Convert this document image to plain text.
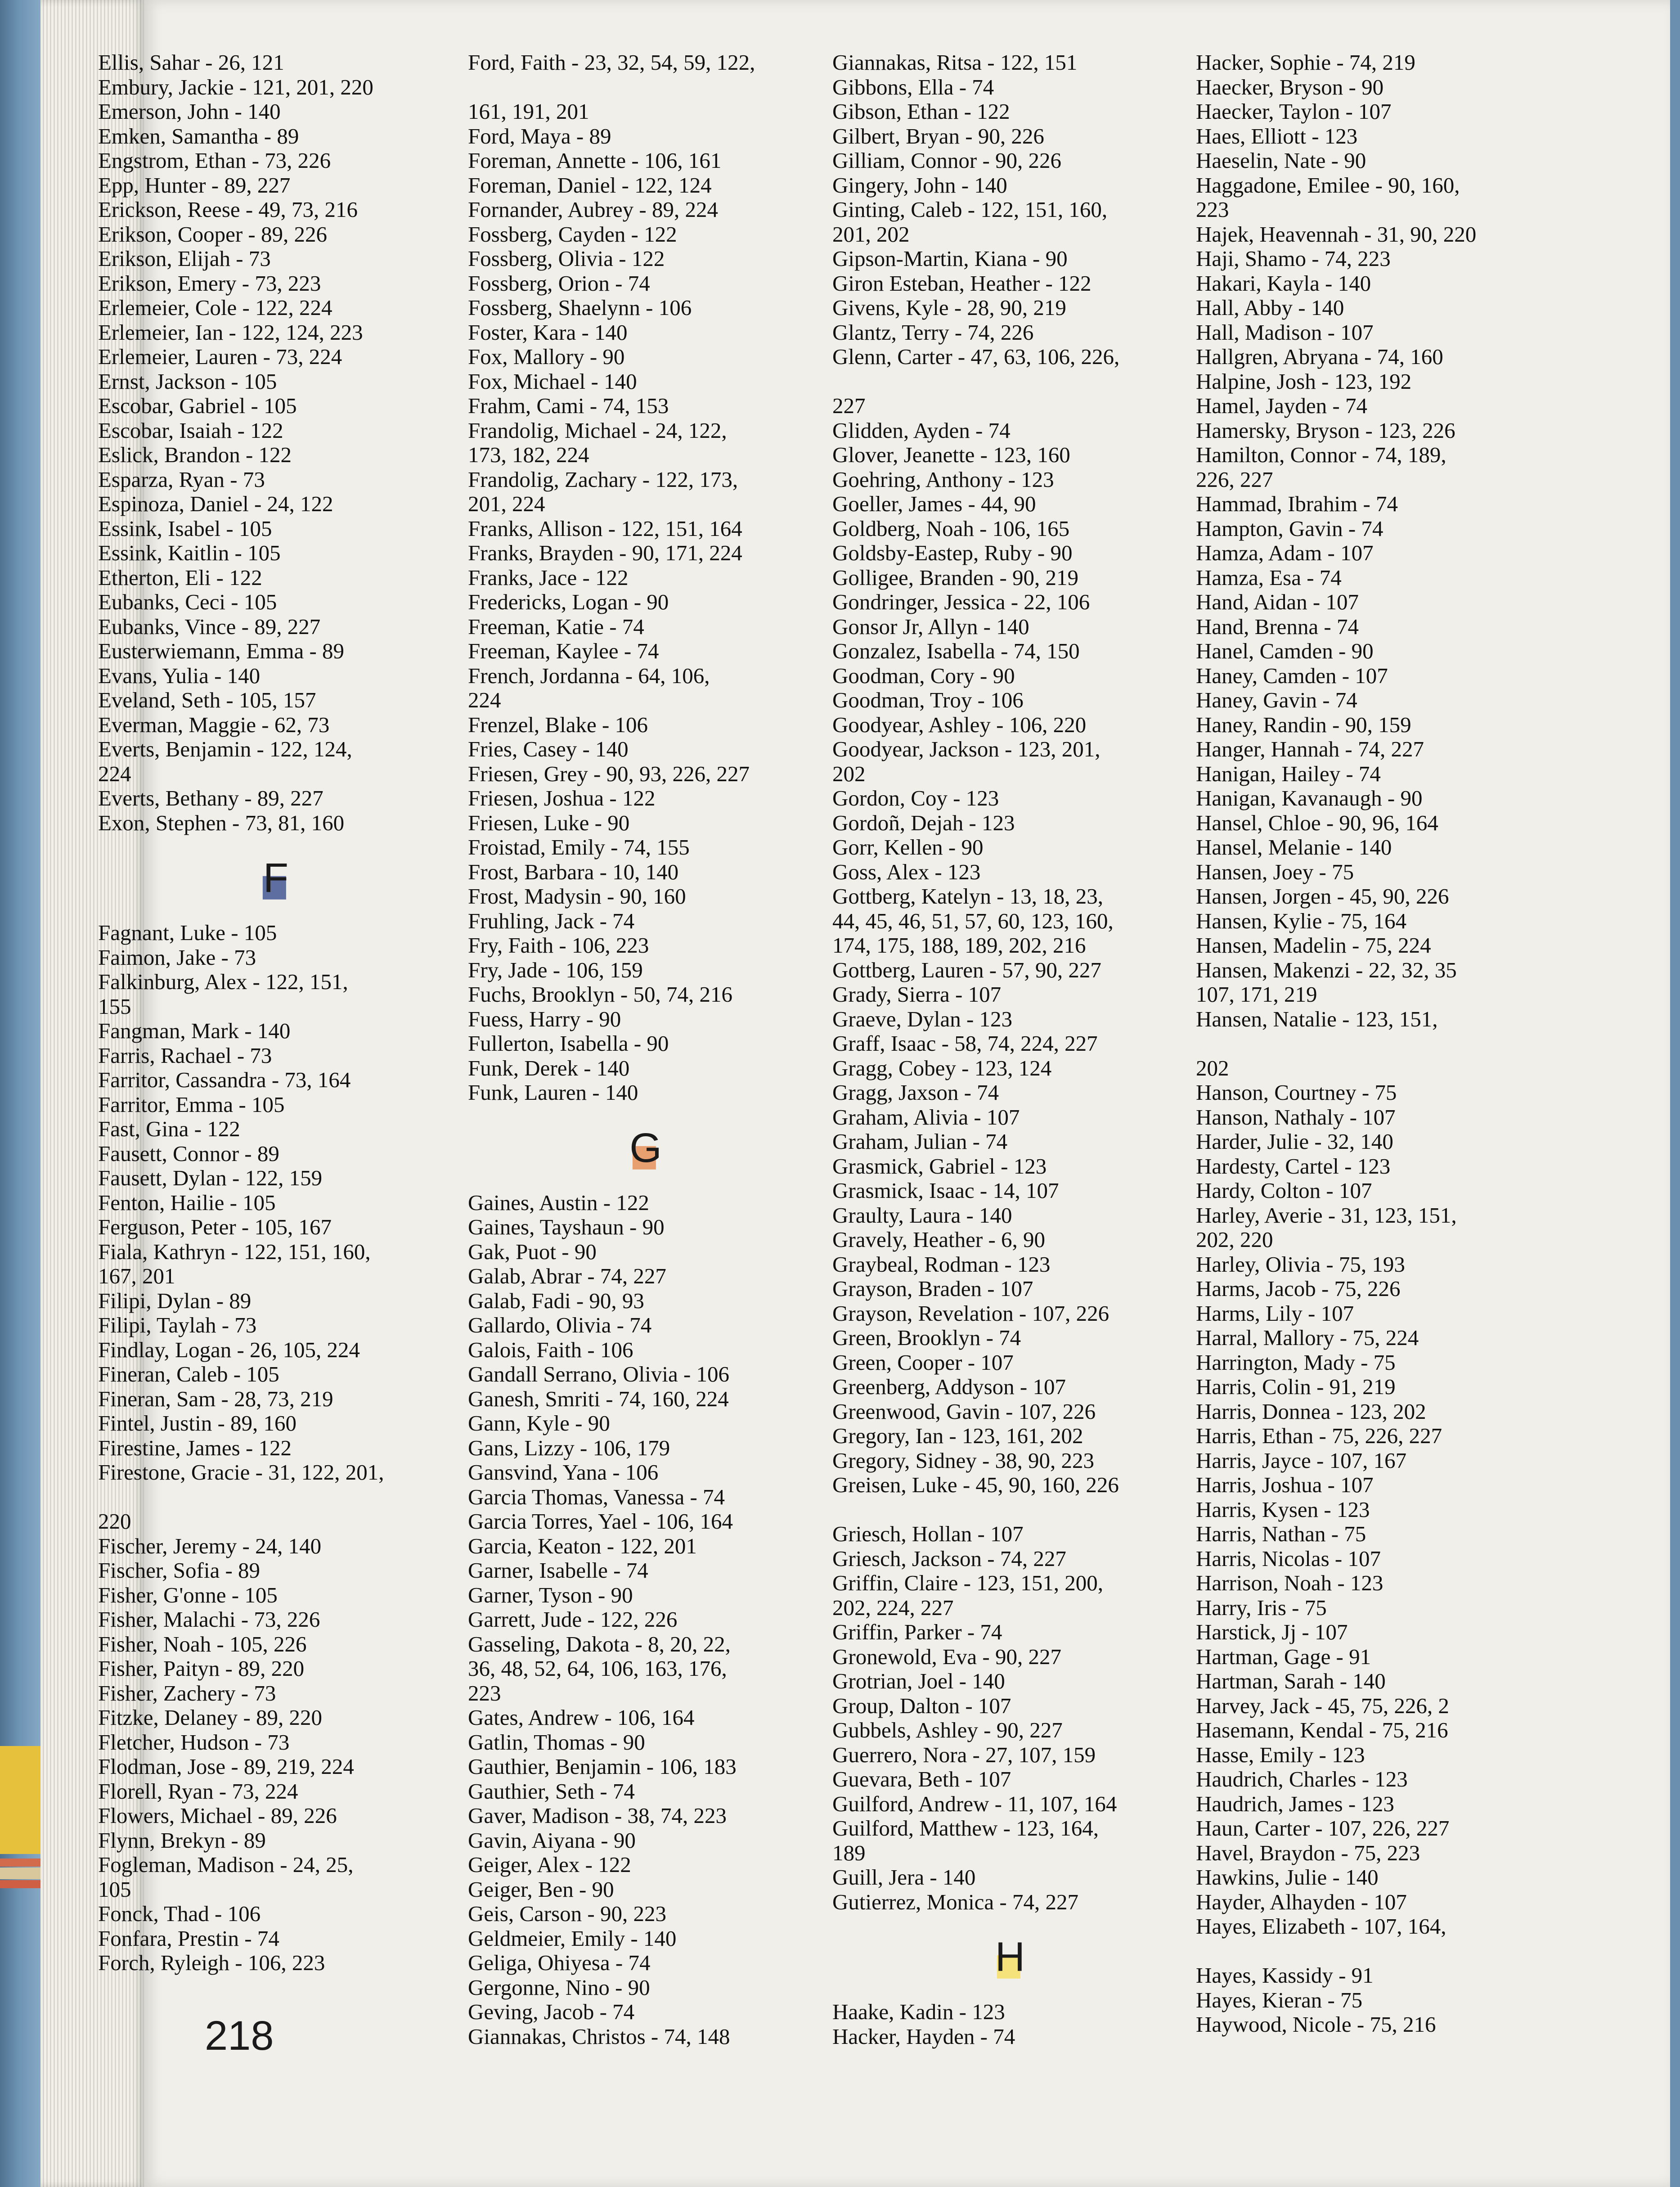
Ellis, Sahar - 26, 121
Embury, Jackie - 121, 201, 220
Emerson, John - 140
Emken, Samantha - 89
Engstrom, Ethan - 73, 226
Epp, Hunter - 89, 227
Erickson, Reese - 49, 73, 216
Erikson, Cooper - 89, 226
Erikson, Elijah - 73
Erikson, Emery - 73, 223
Erlemeier, Cole - 122, 224
Erlemeier, Ian - 122, 124, 223
Erlemeier, Lauren - 73, 224
Ernst, Jackson - 105
Escobar, Gabriel - 105
Escobar, Isaiah - 122
Eslick, Brandon - 122
Esparza, Ryan - 73
Espinoza, Daniel - 24, 122
Essink, Isabel - 105
Essink, Kaitlin - 105
Etherton, Eli - 122
Eubanks, Ceci - 105
Eubanks, Vince - 89, 227
Eusterwiemann, Emma - 89
Evans, Yulia - 140
Eveland, Seth - 105, 157
Everman, Maggie - 62, 73
Everts, Benjamin - 122, 124,
224
Everts, Bethany - 89, 227
Exon, Stephen - 73, 81, 160
F
Fagnant, Luke - 105
Faimon, Jake - 73
Falkinburg, Alex - 122, 151,
155
Fangman, Mark - 140
Farris, Rachael - 73
Farritor, Cassandra - 73, 164
Farritor, Emma - 105
Fast, Gina - 122
Fausett, Connor - 89
Fausett, Dylan - 122, 159
Fenton, Hailie - 105
Ferguson, Peter - 105, 167
Fiala, Kathryn - 122, 151, 160,
167, 201
Filipi, Dylan - 89
Filipi, Taylah - 73
Findlay, Logan - 26, 105, 224
Fineran, Caleb - 105
Fineran, Sam - 28, 73, 219
Fintel, Justin - 89, 160
Firestine, James - 122
Firestone, Gracie - 31, 122, 201,
220
Fischer, Jeremy - 24, 140
Fischer, Sofia - 89
Fisher, G'onne - 105
Fisher, Malachi - 73, 226
Fisher, Noah - 105, 226
Fisher, Paityn - 89, 220
Fisher, Zachery - 73
Fitzke, Delaney - 89, 220
Fletcher, Hudson - 73
Flodman, Jose - 89, 219, 224
Florell, Ryan - 73, 224
Flowers, Michael - 89, 226
Flynn, Brekyn - 89
Fogleman, Madison - 24, 25,
105
Fonck, Thad - 106
Fonfara, Prestin - 74
Forch, Ryleigh - 106, 223
Ford, Faith - 23, 32, 54, 59, 122,
161, 191, 201
Ford, Maya - 89
Foreman, Annette - 106, 161
Foreman, Daniel - 122, 124
Fornander, Aubrey - 89, 224
Fossberg, Cayden - 122
Fossberg, Olivia - 122
Fossberg, Orion - 74
Fossberg, Shaelynn - 106
Foster, Kara - 140
Fox, Mallory - 90
Fox, Michael - 140
Frahm, Cami - 74, 153
Frandolig, Michael - 24, 122,
173, 182, 224
Frandolig, Zachary - 122, 173,
201, 224
Franks, Allison - 122, 151, 164
Franks, Brayden - 90, 171, 224
Franks, Jace - 122
Fredericks, Logan - 90
Freeman, Katie - 74
Freeman, Kaylee - 74
French, Jordanna - 64, 106,
224
Frenzel, Blake - 106
Fries, Casey - 140
Friesen, Grey - 90, 93, 226, 227
Friesen, Joshua - 122
Friesen, Luke - 90
Froistad, Emily - 74, 155
Frost, Barbara - 10, 140
Frost, Madysin - 90, 160
Fruhling, Jack - 74
Fry, Faith - 106, 223
Fry, Jade - 106, 159
Fuchs, Brooklyn - 50, 74, 216
Fuess, Harry - 90
Fullerton, Isabella - 90
Funk, Derek - 140
Funk, Lauren - 140
G
Gaines, Austin - 122
Gaines, Tayshaun - 90
Gak, Puot - 90
Galab, Abrar - 74, 227
Galab, Fadi - 90, 93
Gallardo, Olivia - 74
Galois, Faith - 106
Gandall Serrano, Olivia - 106
Ganesh, Smriti - 74, 160, 224
Gann, Kyle - 90
Gans, Lizzy - 106, 179
Gansvind, Yana - 106
Garcia Thomas, Vanessa - 74
Garcia Torres, Yael - 106, 164
Garcia, Keaton - 122, 201
Garner, Isabelle - 74
Garner, Tyson - 90
Garrett, Jude - 122, 226
Gasseling, Dakota - 8, 20, 22,
36, 48, 52, 64, 106, 163, 176,
223
Gates, Andrew - 106, 164
Gatlin, Thomas - 90
Gauthier, Benjamin - 106, 183
Gauthier, Seth - 74
Gaver, Madison - 38, 74, 223
Gavin, Aiyana - 90
Geiger, Alex - 122
Geiger, Ben - 90
Geis, Carson - 90, 223
Geldmeier, Emily - 140
Geliga, Ohiyesa - 74
Gergonne, Nino - 90
Geving, Jacob - 74
Giannakas, Christos - 74, 148
Giannakas, Ritsa - 122, 151
Gibbons, Ella - 74
Gibson, Ethan - 122
Gilbert, Bryan - 90, 226
Gilliam, Connor - 90, 226
Gingery, John - 140
Ginting, Caleb - 122, 151, 160,
201, 202
Gipson-Martin, Kiana - 90
Giron Esteban, Heather - 122
Givens, Kyle - 28, 90, 219
Glantz, Terry - 74, 226
Glenn, Carter - 47, 63, 106, 226,
227
Glidden, Ayden - 74
Glover, Jeanette - 123, 160
Goehring, Anthony - 123
Goeller, James - 44, 90
Goldberg, Noah - 106, 165
Goldsby-Eastep, Ruby - 90
Golligee, Branden - 90, 219
Gondringer, Jessica - 22, 106
Gonsor Jr, Allyn - 140
Gonzalez, Isabella - 74, 150
Goodman, Cory - 90
Goodman, Troy - 106
Goodyear, Ashley - 106, 220
Goodyear, Jackson - 123, 201,
202
Gordon, Coy - 123
Gordoñ, Dejah - 123
Gorr, Kellen - 90
Goss, Alex - 123
Gottberg, Katelyn - 13, 18, 23,
44, 45, 46, 51, 57, 60, 123, 160,
174, 175, 188, 189, 202, 216
Gottberg, Lauren - 57, 90, 227
Grady, Sierra - 107
Graeve, Dylan - 123
Graff, Isaac - 58, 74, 224, 227
Gragg, Cobey - 123, 124
Gragg, Jaxson - 74
Graham, Alivia - 107
Graham, Julian - 74
Grasmick, Gabriel - 123
Grasmick, Isaac - 14, 107
Graulty, Laura - 140
Gravely, Heather - 6, 90
Graybeal, Rodman - 123
Grayson, Braden - 107
Grayson, Revelation - 107, 226
Green, Brooklyn - 74
Green, Cooper - 107
Greenberg, Addyson - 107
Greenwood, Gavin - 107, 226
Gregory, Ian - 123, 161, 202
Gregory, Sidney - 38, 90, 223
Greisen, Luke - 45, 90, 160, 226
Griesch, Hollan - 107
Griesch, Jackson - 74, 227
Griffin, Claire - 123, 151, 200,
202, 224, 227
Griffin, Parker - 74
Gronewold, Eva - 90, 227
Grotrian, Joel - 140
Group, Dalton - 107
Gubbels, Ashley - 90, 227
Guerrero, Nora - 27, 107, 159
Guevara, Beth - 107
Guilford, Andrew - 11, 107, 164
Guilford, Matthew - 123, 164,
189
Guill, Jera - 140
Gutierrez, Monica - 74, 227
H
Haake, Kadin - 123
Hacker, Hayden - 74
Hacker, Sophie - 74, 219
Haecker, Bryson - 90
Haecker, Taylon - 107
Haes, Elliott - 123
Haeselin, Nate - 90
Haggadone, Emilee - 90, 160,
223
Hajek, Heavennah - 31, 90, 220
Haji, Shamo - 74, 223
Hakari, Kayla - 140
Hall, Abby - 140
Hall, Madison - 107
Hallgren, Abryana - 74, 160
Halpine, Josh - 123, 192
Hamel, Jayden - 74
Hamersky, Bryson - 123, 226
Hamilton, Connor - 74, 189,
226, 227
Hammad, Ibrahim - 74
Hampton, Gavin - 74
Hamza, Adam - 107
Hamza, Esa - 74
Hand, Aidan - 107
Hand, Brenna - 74
Hanel, Camden - 90
Haney, Camden - 107
Haney, Gavin - 74
Haney, Randin - 90, 159
Hanger, Hannah - 74, 227
Hanigan, Hailey - 74
Hanigan, Kavanaugh - 90
Hansel, Chloe - 90, 96, 164
Hansel, Melanie - 140
Hansen, Joey - 75
Hansen, Jorgen - 45, 90, 226
Hansen, Kylie - 75, 164
Hansen, Madelin - 75, 224
Hansen, Makenzi - 22, 32, 35
107, 171, 219
Hansen, Natalie - 123, 151,
202
Hanson, Courtney - 75
Hanson, Nathaly - 107
Harder, Julie - 32, 140
Hardesty, Cartel - 123
Hardy, Colton - 107
Harley, Averie - 31, 123, 151,
202, 220
Harley, Olivia - 75, 193
Harms, Jacob - 75, 226
Harms, Lily - 107
Harral, Mallory - 75, 224
Harrington, Mady - 75
Harris, Colin - 91, 219
Harris, Donnea - 123, 202
Harris, Ethan - 75, 226, 227
Harris, Jayce - 107, 167
Harris, Joshua - 107
Harris, Kysen - 123
Harris, Nathan - 75
Harris, Nicolas - 107
Harrison, Noah - 123
Harry, Iris - 75
Harstick, Jj - 107
Hartman, Gage - 91
Hartman, Sarah - 140
Harvey, Jack - 45, 75, 226, 2
Hasemann, Kendal - 75, 216
Hasse, Emily - 123
Haudrich, Charles - 123
Haudrich, James - 123
Haun, Carter - 107, 226, 227
Havel, Braydon - 75, 223
Hawkins, Julie - 140
Hayder, Alhayden - 107
Hayes, Elizabeth - 107, 164,
Hayes, Kassidy - 91
Hayes, Kieran - 75
Haywood, Nicole - 75, 216
218
